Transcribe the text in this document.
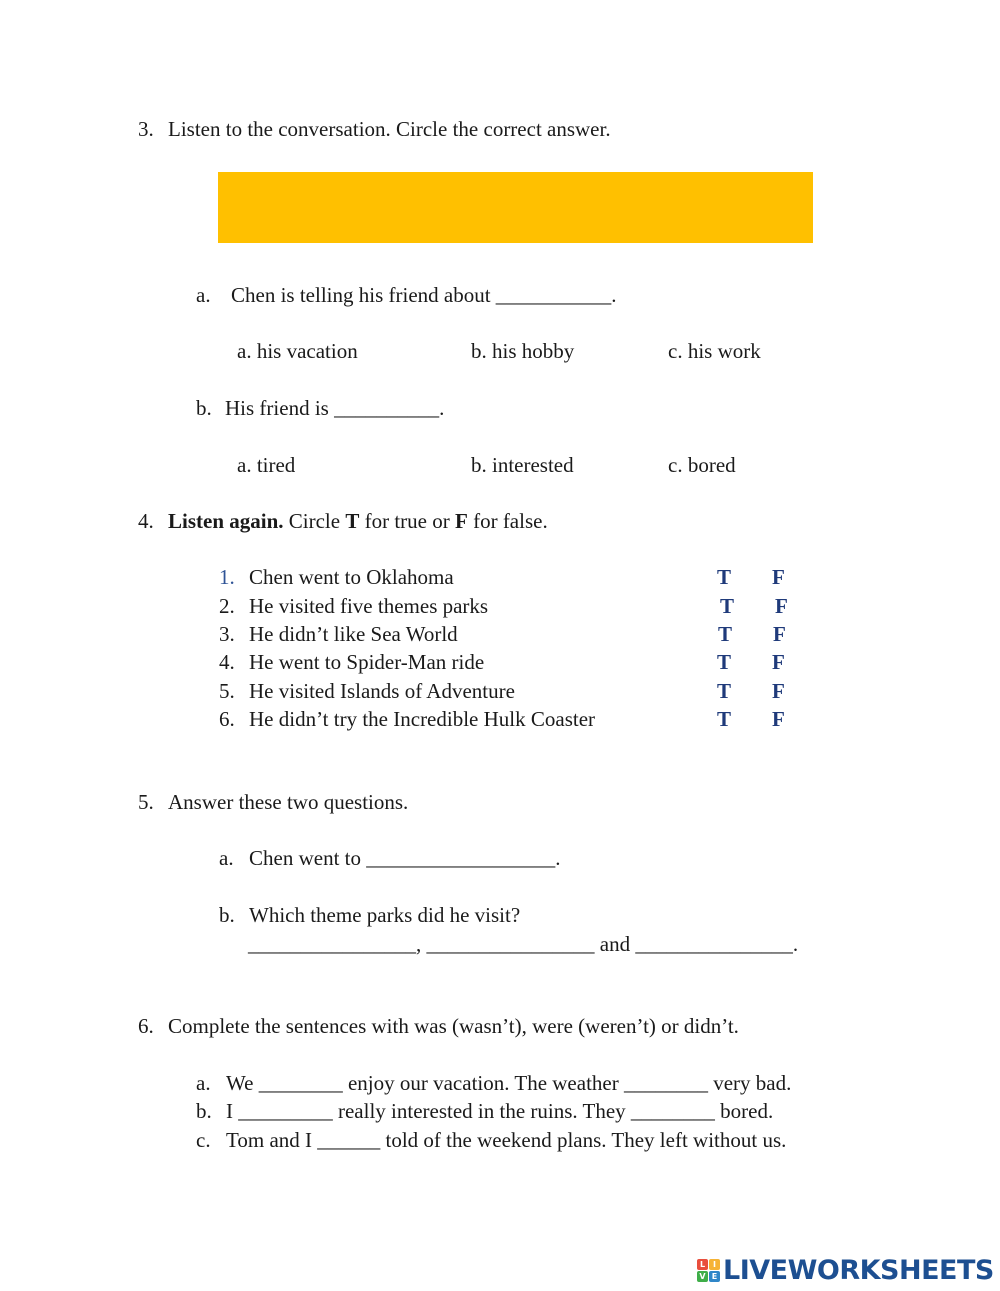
3. Listen to the conversation. Circle the correct answer.
a. Chen is telling his friend about ___________.
a. his vacation	b. his hobby	c. his work
b. His friend is __________.
a. tired	b. interested	c. bored
4. Listen again. Circle T for true or F for false.
1. Chen went to Oklahoma	T F
2. He visited five themes parks	T F
3. He didn’t like Sea World	T F
4. He went to Spider-Man ride	T F
5. He visited Islands of Adventure	T F
6. He didn’t try the Incredible Hulk Coaster	T F
5. Answer these two questions.
a. Chen went to __________________.
b. Which theme parks did he visit?
________________, ________________ and _______________.
6. Complete the sentences with was (wasn’t), were (weren’t) or didn’t.
a. We ________ enjoy our vacation. The weather ________ very bad.
b. I _________ really interested in the ruins. They ________ bored.
c. Tom and I ______ told of the weekend plans. They left without us.
L I
V E LIVEWORKSHEETS
